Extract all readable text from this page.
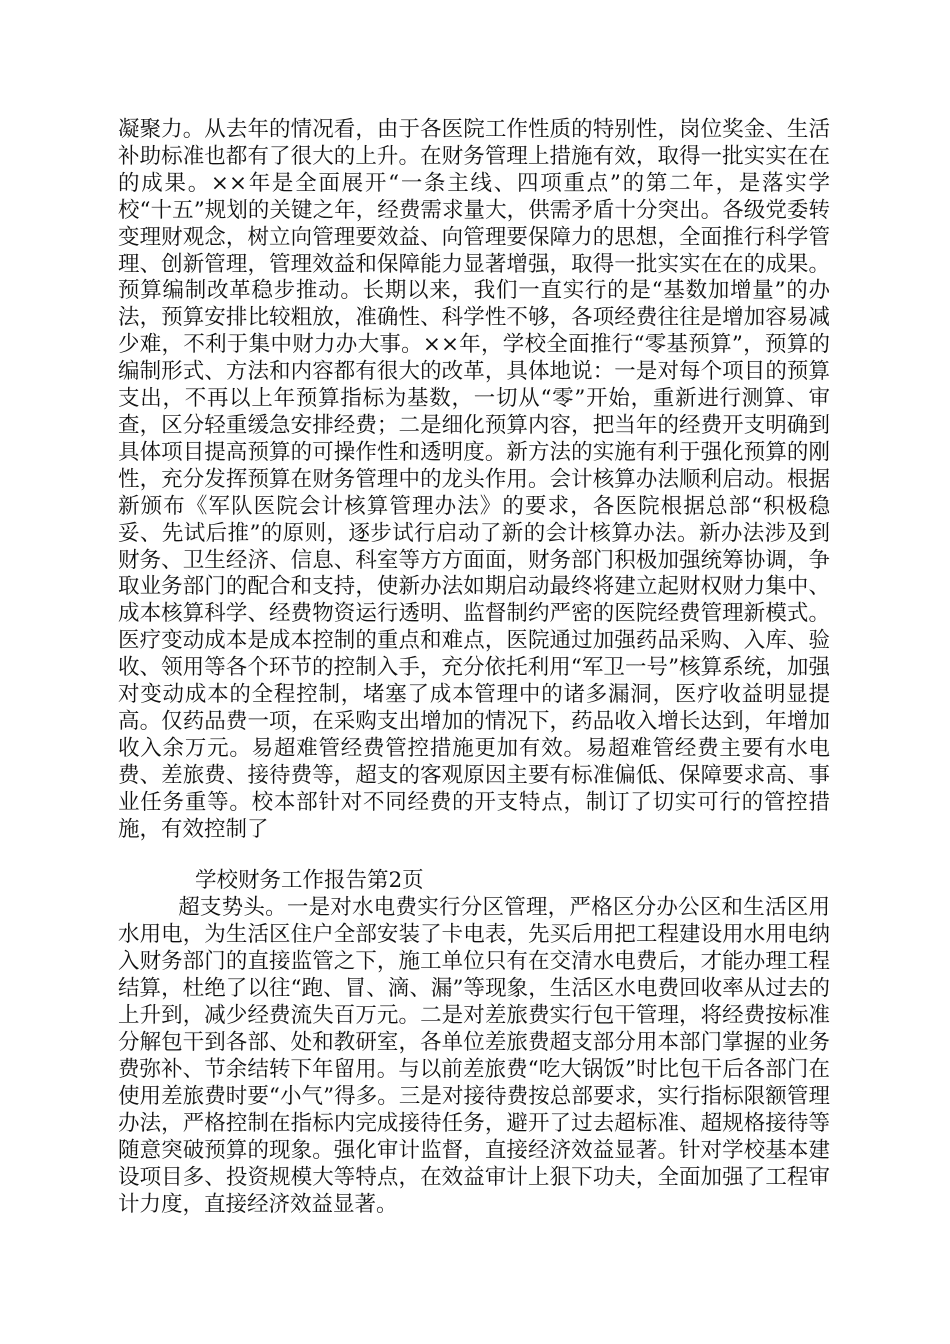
凝聚力。从去年的情况看，由于各医院工作性质的特别性，岗位奖金、生活补助标准也都有了很大的上升。在财务管理上措施有效，取得一批实实在在的成果。××年是全面展开“一条主线、四项重点”的第二年，是落实学校“十五”规划的关键之年，经费需求量大，供需矛盾十分突出。各级党委转变理财观念，树立向管理要效益、向管理要保障力的思想，全面推行科学管理、创新管理，管理效益和保障能力显著增强，取得一批实实在在的成果。预算编制改革稳步推动。长期以来，我们一直实行的是“基数加增量”的办法，预算安排比较粗放，准确性、科学性不够，各项经费往往是增加容易减少难，不利于集中财力办大事。××年，学校全面推行“零基预算”，预算的编制形式、方法和内容都有很大的改革，具体地说：一是对每个项目的预算支出，不再以上年预算指标为基数，一切从“零”开始，重新进行测算、审查，区分轻重缓急安排经费；二是细化预算内容，把当年的经费开支明确到具体项目提高预算的可操作性和透明度。新方法的实施有利于强化预算的刚性，充分发挥预算在财务管理中的龙头作用。会计核算办法顺利启动。根据新颁布《军队医院会计核算管理办法》的要求，各医院根据总部“积极稳妥、先试后推”的原则，逐步试行启动了新的会计核算办法。新办法涉及到财务、卫生经济、信息、科室等方方面面，财务部门积极加强统筹协调，争取业务部门的配合和支持，使新办法如期启动最终将建立起财权财力集中、成本核算科学、经费物资运行透明、监督制约严密的医院经费管理新模式。医疗变动成本是成本控制的重点和难点，医院通过加强药品采购、入库、验收、领用等各个环节的控制入手，充分依托利用“军卫一号”核算系统，加强对变动成本的全程控制，堵塞了成本管理中的诸多漏洞，医疗收益明显提高。仅药品费一项，在采购支出增加的情况下，药品收入增长达到，年增加收入余万元。易超难管经费管控措施更加有效。易超难管经费主要有水电费、差旅费、接待费等，超支的客观原因主要有标准偏低、保障要求高、事业任务重等。校本部针对不同经费的开支特点，制订了切实可行的管控措施，有效控制了

学校财务工作报告第2页

超支势头。一是对水电费实行分区管理，严格区分办公区和生活区用水用电，为生活区住户全部安装了卡电表，先买后用把工程建设用水用电纳入财务部门的直接监管之下，施工单位只有在交清水电费后，才能办理工程结算，杜绝了以往“跑、冒、滴、漏”等现象，生活区水电费回收率从过去的上升到，减少经费流失百万元。二是对差旅费实行包干管理，将经费按标准分解包干到各部、处和教研室，各单位差旅费超支部分用本部门掌握的业务费弥补、节余结转下年留用。与以前差旅费“吃大锅饭”时比包干后各部门在使用差旅费时要“小气”得多。三是对接待费按总部要求，实行指标限额管理办法，严格控制在指标内完成接待任务，避开了过去超标准、超规格接待等随意突破预算的现象。强化审计监督，直接经济效益显著。针对学校基本建设项目多、投资规模大等特点，在效益审计上狠下功夫，全面加强了工程审计力度，直接经济效益显著。
